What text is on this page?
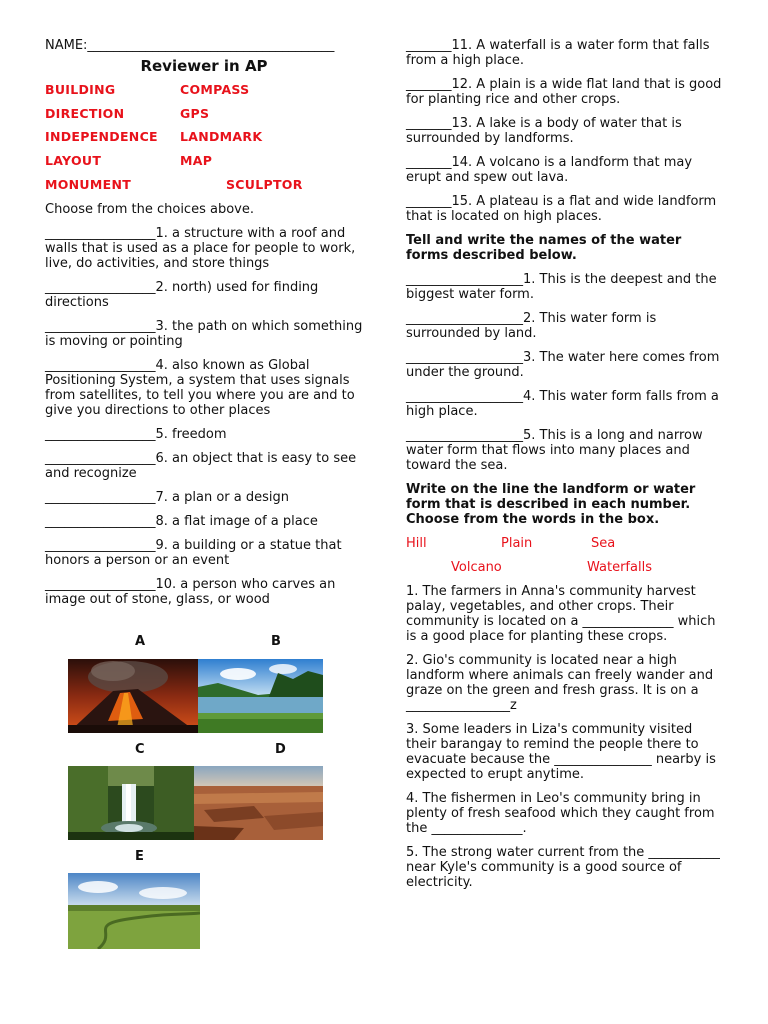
NAME:______________________________________
Reviewer in AP
BUILDING	COMPASS
DIRECTION	GPS
INDEPENDENCE LANDMARK
LAYOUT	MAP
MONUMENT	SCULPTOR
Choose from the choices above.
_________________1. a structure with a roof and walls that is used as a place for people to work, live, do activities, and store things
_________________2. north) used for finding directions
_________________3. the path on which something is moving or pointing
_________________4. also known as Global Positioning System, a system that uses signals from satellites, to tell you where you are and to give you directions to other places
_________________5. freedom
_________________6. an object that is easy to see and recognize
_________________7. a plan or a design
_________________8. a flat image of a place
_________________9. a building or a statue that honors a person or an event
_________________10. a person who carves an image out of stone, glass, or wood
A	B
C	D
E
_______11. A waterfall is a water form that falls from a high place.
_______12. A plain is a wide flat land that is good for planting rice and other crops.
_______13. A lake is a body of water that is surrounded by landforms.
_______14. A volcano is a landform that may erupt and spew out lava.
_______15. A plateau is a flat and wide landform that is located on high places.
Tell and write the names of the water forms described below.
__________________1. This is the deepest and the biggest water form.
__________________2. This water form is surrounded by land.
__________________3. The water here comes from under the ground.
__________________4. This water form falls from a high place.
__________________5. This is a long and narrow water form that flows into many places and toward the sea.
Write on the line the landform or water form that is described in each number. Choose from the words in the box.
Hill	Plain	Sea
Volcano	Waterfalls
1. The farmers in Anna's community harvest palay, vegetables, and other crops. Their community is located on a ______________ which is a good place for planting these crops.
2. Gio's community is located near a high landform where animals can freely wander and graze on the green and fresh grass. It is on a ________________z
3. Some leaders in Liza's community visited their barangay to remind the people there to evacuate because the _______________ nearby is expected to erupt anytime.
4. The fishermen in Leo's community bring in plenty of fresh seafood which they caught from the ______________.
5. The strong water current from the ___________ near Kyle's community is a good source of electricity.
